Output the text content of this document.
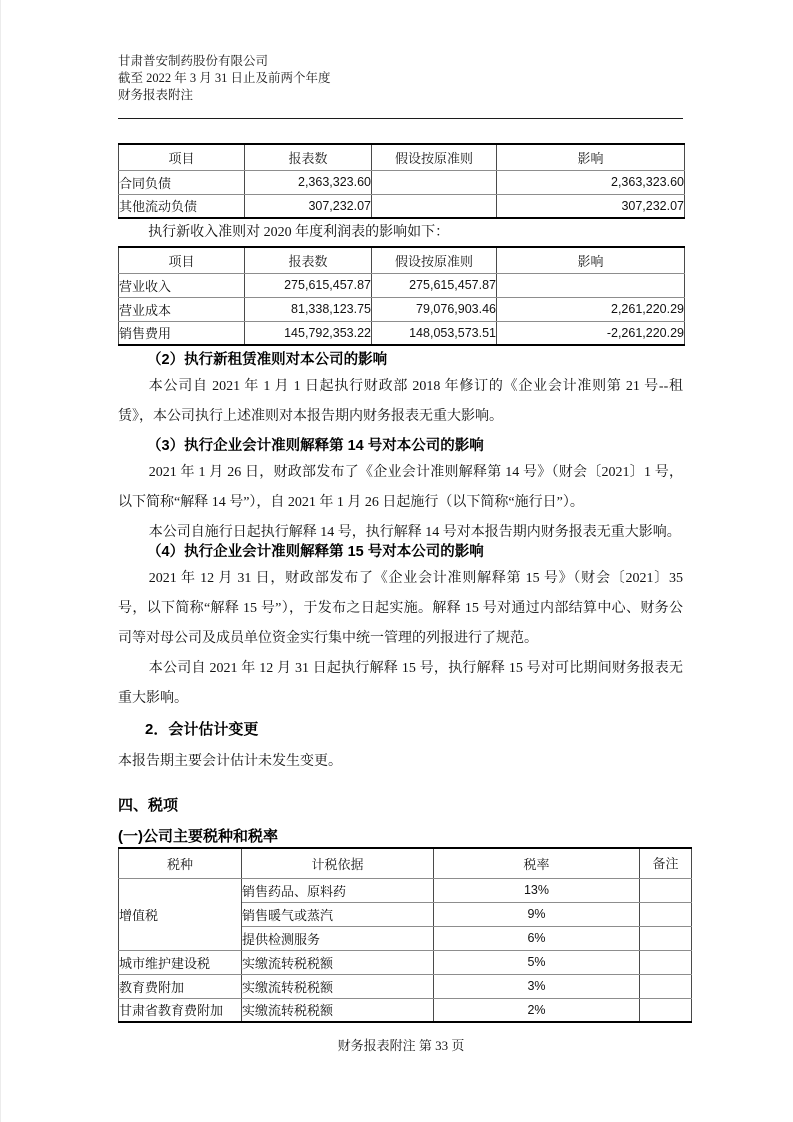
甘肃普安制药股份有限公司

截至 2022 年 3 月 31 日止及前两个年度

财务报表附注

项目	报表数	假设按原准则	影响
合同负债	2,363,323.60		2,363,323.60
其他流动负债	307,232.07		307,232.07

执行新收入准则对 2020 年度利润表的影响如下：

项目	报表数	假设按原准则	影响
营业收入	275,615,457.87	275,615,457.87	
营业成本	81,338,123.75	79,076,903.46	2,261,220.29
销售费用	145,792,353.22	148,053,573.51	-2,261,220.29

（2）执行新租赁准则对本公司的影响

本公司自 2021 年 1 月 1 日起执行财政部 2018 年修订的《企业会计准则第 21 号--租赁》，本公司执行上述准则对本报告期内财务报表无重大影响。

（3）执行企业会计准则解释第 14 号对本公司的影响

2021 年 1 月 26 日，财政部发布了《企业会计准则解释第 14 号》（财会〔2021〕1 号，以下简称“解释 14 号”），自 2021 年 1 月 26 日起施行（以下简称“施行日”）。

本公司自施行日起执行解释 14 号，执行解释 14 号对本报告期内财务报表无重大影响。

（4）执行企业会计准则解释第 15 号对本公司的影响

2021 年 12 月 31 日，财政部发布了《企业会计准则解释第 15 号》（财会〔2021〕35 号，以下简称“解释 15 号”），于发布之日起实施。解释 15 号对通过内部结算中心、财务公司等对母公司及成员单位资金实行集中统一管理的列报进行了规范。

本公司自 2021 年 12 月 31 日起执行解释 15 号，执行解释 15 号对可比期间财务报表无重大影响。

2．会计估计变更

本报告期主要会计估计未发生变更。

四、税项

(一)公司主要税种和税率

税种	计税依据	税率	备注
增值税	销售药品、原料药	13%	
	销售暖气或蒸汽	9%	
	提供检测服务	6%	
城市维护建设税	实缴流转税税额	5%	
教育费附加	实缴流转税税额	3%	
甘肃省教育费附加	实缴流转税税额	2%	
财务报表附注 第 33 页
